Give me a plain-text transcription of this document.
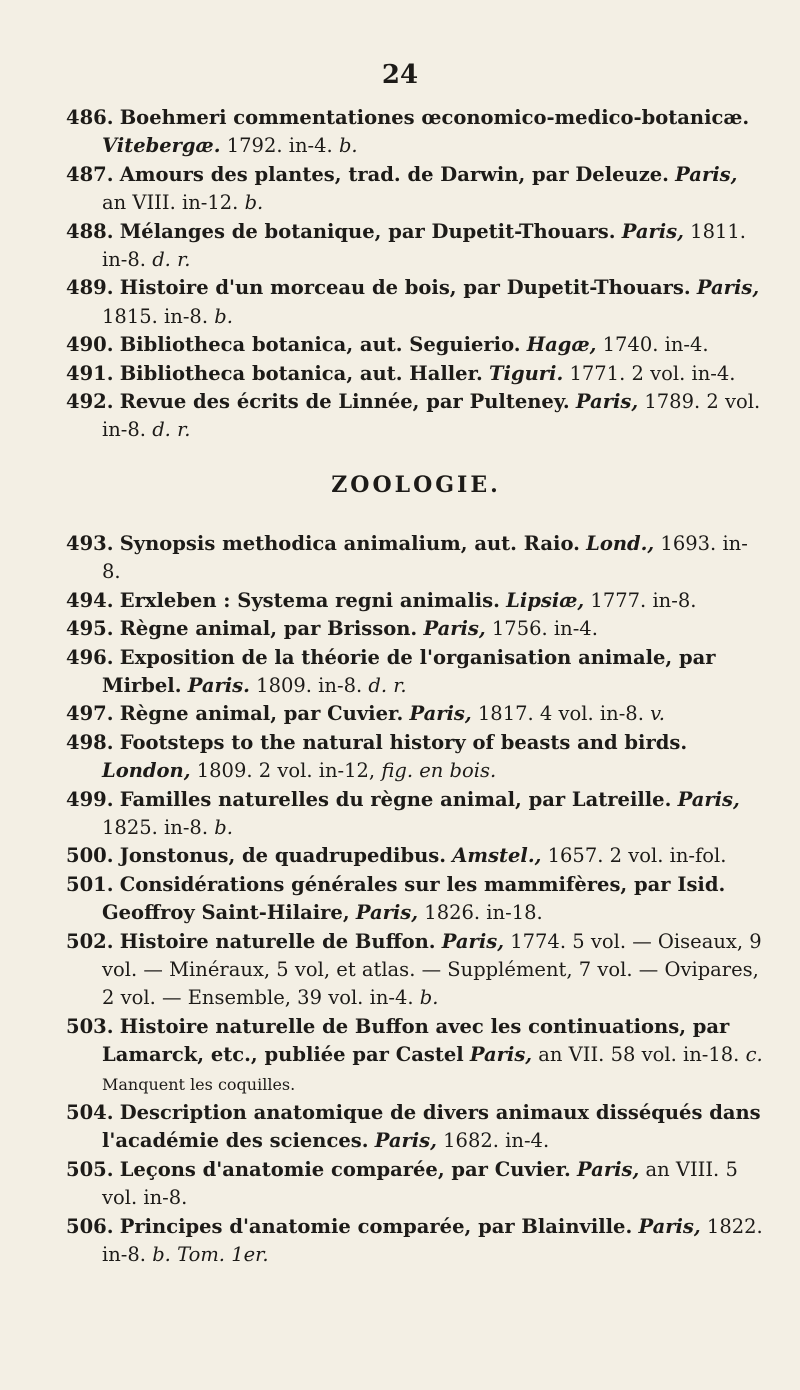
24

486. Boehmeri commentationes œconomico-medico-botanicæ. Vitebergæ. 1792. in-4. b.

487. Amours des plantes, trad. de Darwin, par Deleuze. Paris, an VIII. in-12. b.

488. Mélanges de botanique, par Dupetit-Thouars. Paris, 1811. in-8. d. r.

489. Histoire d'un morceau de bois, par Dupetit-Thouars. Paris, 1815. in-8. b.

490. Bibliotheca botanica, aut. Seguierio. Hagæ, 1740. in-4.

491. Bibliotheca botanica, aut. Haller. Tiguri. 1771. 2 vol. in-4.

492. Revue des écrits de Linnée, par Pulteney. Paris, 1789. 2 vol. in-8. d. r.

ZOOLOGIE.

493. Synopsis methodica animalium, aut. Raio. Lond., 1693. in-8.

494. Erxleben : Systema regni animalis. Lipsiæ, 1777. in-8.

495. Règne animal, par Brisson. Paris, 1756. in-4.

496. Exposition de la théorie de l'organisation animale, par Mirbel. Paris. 1809. in-8. d. r.

497. Règne animal, par Cuvier. Paris, 1817. 4 vol. in-8. v.

498. Footsteps to the natural history of beasts and birds. London, 1809. 2 vol. in-12, fig. en bois.

499. Familles naturelles du règne animal, par Latreille. Paris, 1825. in-8. b.

500. Jonstonus, de quadrupedibus. Amstel., 1657. 2 vol. in-fol.

501. Considérations générales sur les mammifères, par Isid. Geoffroy Saint-Hilaire, Paris, 1826. in-18.

502. Histoire naturelle de Buffon. Paris, 1774. 5 vol. — Oiseaux, 9 vol. — Minéraux, 5 vol, et atlas. — Supplément, 7 vol. — Ovipares, 2 vol. — Ensemble, 39 vol. in-4. b.

503. Histoire naturelle de Buffon avec les continuations, par Lamarck, etc., publiée par Castel Paris, an VII. 58 vol. in-18. c.
Manquent les coquilles.

504. Description anatomique de divers animaux disséqués dans l'académie des sciences. Paris, 1682. in-4.

505. Leçons d'anatomie comparée, par Cuvier. Paris, an VIII. 5 vol. in-8.

506. Principes d'anatomie comparée, par Blainville. Paris, 1822. in-8. b. Tom. 1er.
